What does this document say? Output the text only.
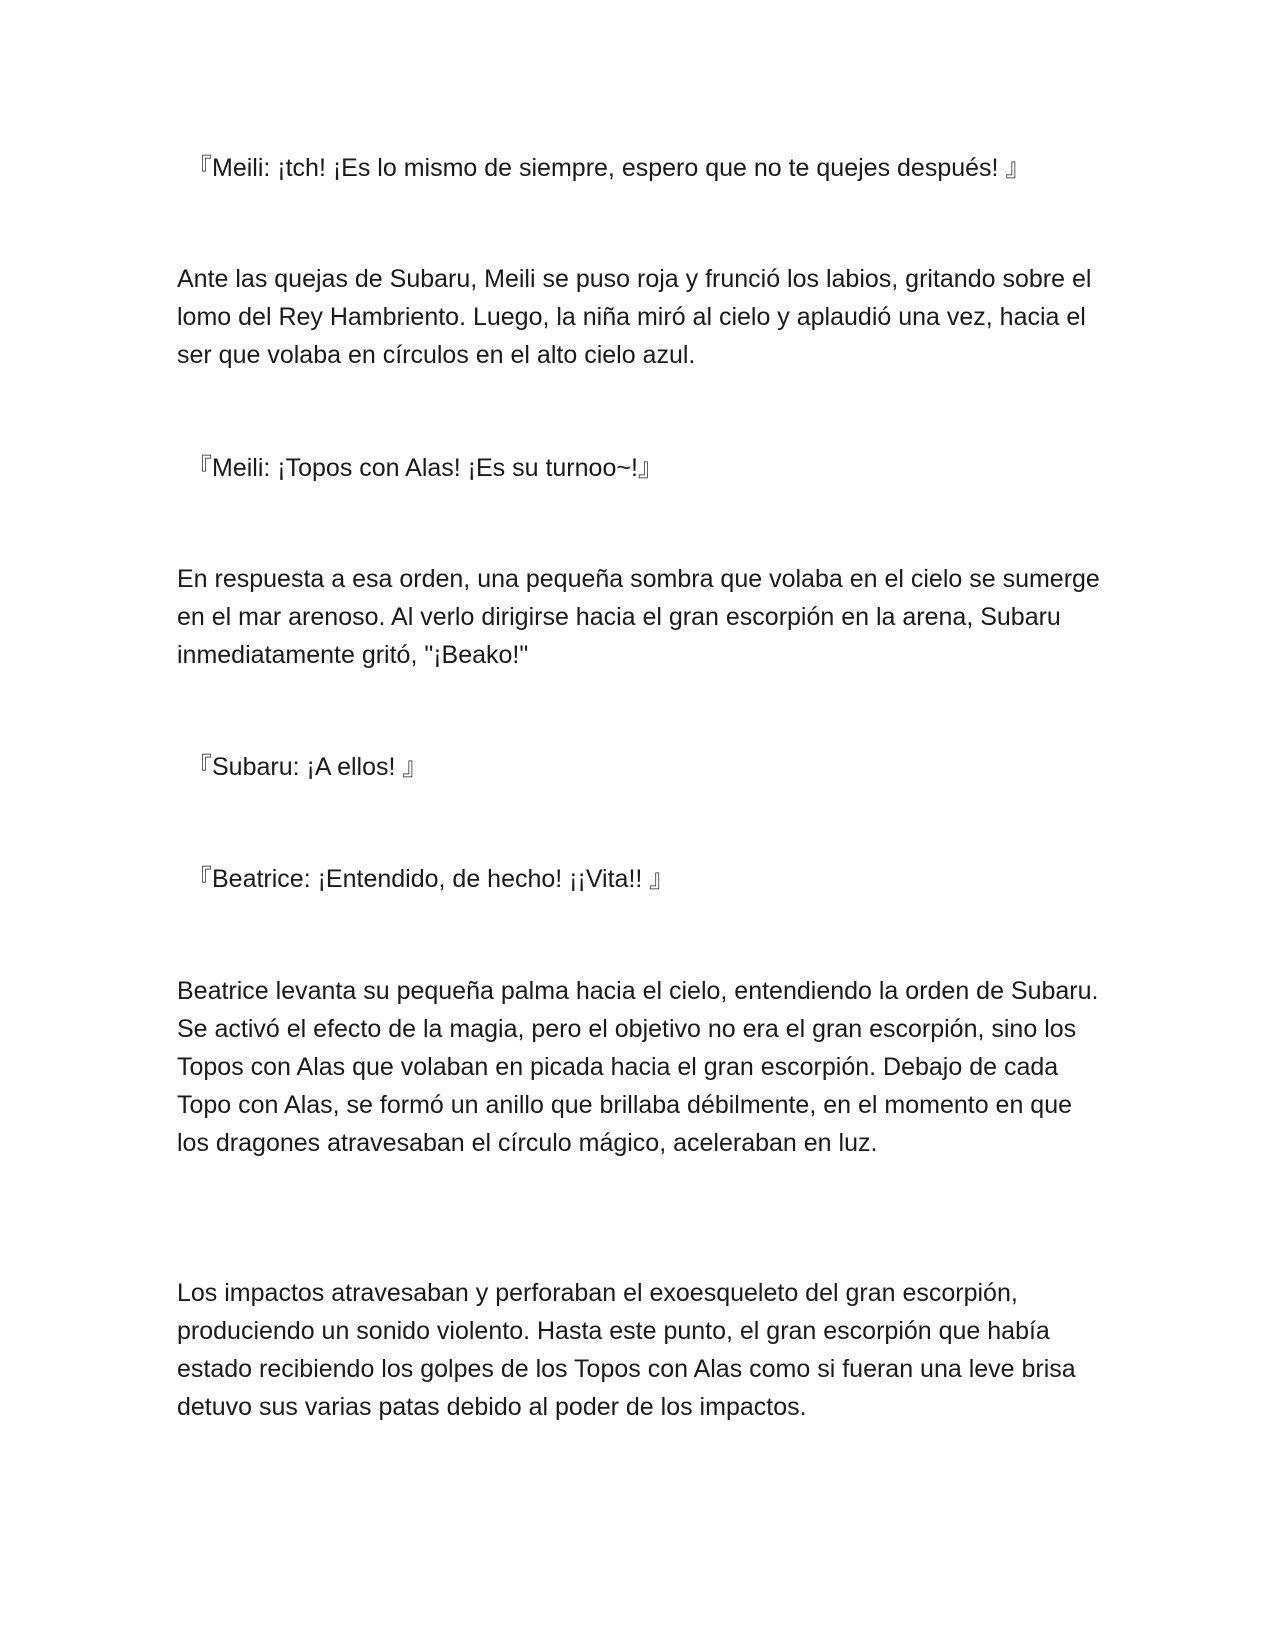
『Meili: ¡tch! ¡Es lo mismo de siempre, espero que no te quejes después! 』

Ante las quejas de Subaru, Meili se puso roja y frunció los labios, gritando sobre el lomo del Rey Hambriento. Luego, la niña miró al cielo y aplaudió una vez, hacia el ser que volaba en círculos en el alto cielo azul.

『Meili: ¡Topos con Alas! ¡Es su turnoo~!』

En respuesta a esa orden, una pequeña sombra que volaba en el cielo se sumerge en el mar arenoso. Al verlo dirigirse hacia el gran escorpión en la arena, Subaru inmediatamente gritó, "¡Beako!"

『Subaru: ¡A ellos! 』

『Beatrice: ¡Entendido, de hecho! ¡¡Vita!! 』

Beatrice levanta su pequeña palma hacia el cielo, entendiendo la orden de Subaru. Se activó el efecto de la magia, pero el objetivo no era el gran escorpión, sino los Topos con Alas que volaban en picada hacia el gran escorpión. Debajo de cada Topo con Alas, se formó un anillo que brillaba débilmente, en el momento en que los dragones atravesaban el círculo mágico, aceleraban en luz.

Los impactos atravesaban y perforaban el exoesqueleto del gran escorpión, produciendo un sonido violento. Hasta este punto, el gran escorpión que había estado recibiendo los golpes de los Topos con Alas como si fueran una leve brisa detuvo sus varias patas debido al poder de los impactos.
